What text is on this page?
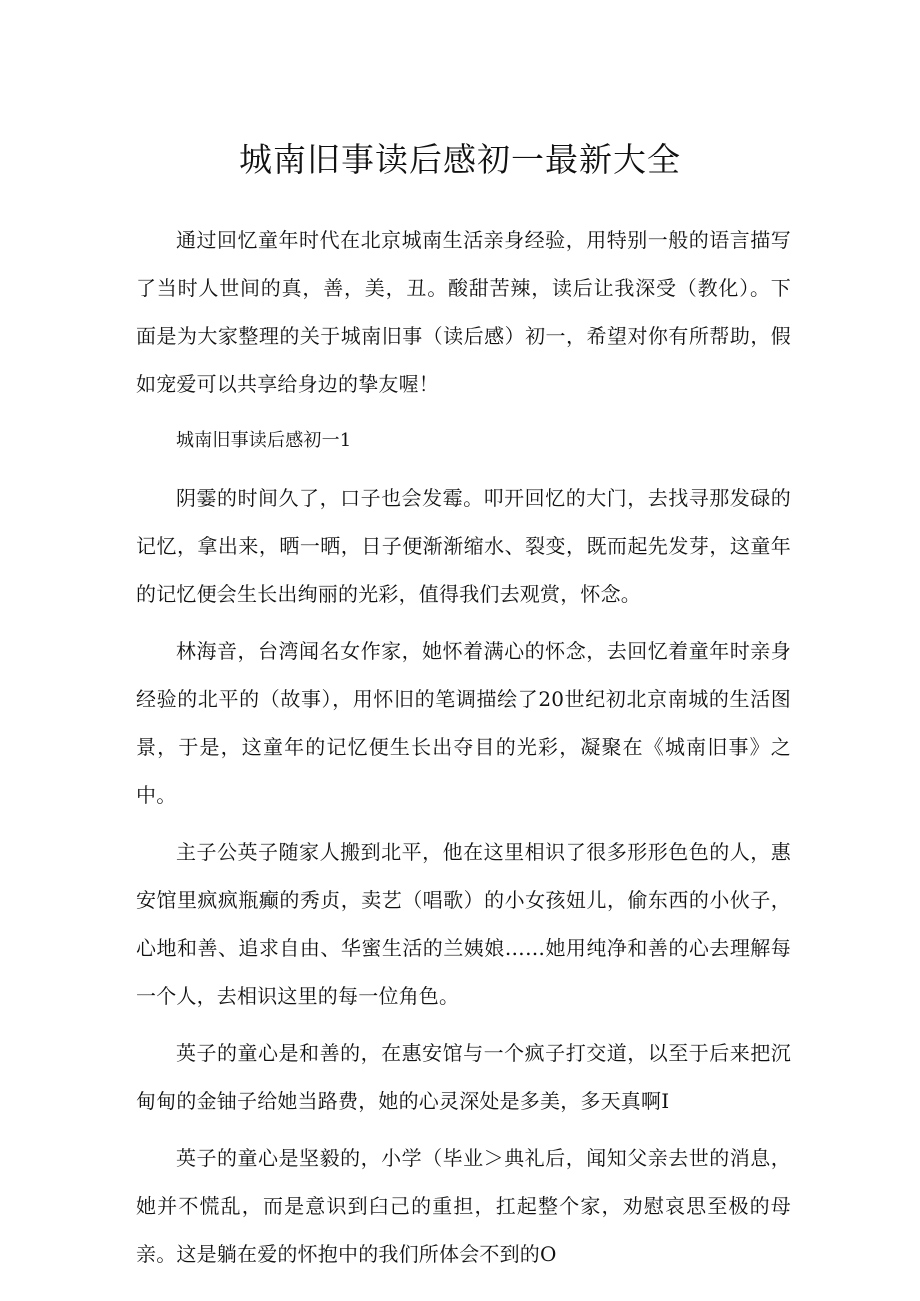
城南旧事读后感初一最新大全

通过回忆童年时代在北京城南生活亲身经验，用特别一般的语言描写了当时人世间的真，善，美，丑。酸甜苦辣，读后让我深受（教化）。下面是为大家整理的关于城南旧事（读后感）初一，希望对你有所帮助，假如宠爱可以共享给身边的挚友喔！

城南旧事读后感初一1

阴霎的时间久了，口子也会发霉。叩开回忆的大门，去找寻那发碌的记忆，拿出来，晒一晒，日子便渐渐缩水、裂变，既而起先发芽，这童年的记忆便会生长出绚丽的光彩，值得我们去观赏，怀念。

林海音，台湾闻名女作家，她怀着满心的怀念，去回忆着童年时亲身经验的北平的（故事），用怀旧的笔调描绘了20世纪初北京南城的生活图景，于是，这童年的记忆便生长出夺目的光彩，凝聚在《城南旧事》之中。

主子公英子随家人搬到北平，他在这里相识了很多形形色色的人，惠安馆里疯疯瓶癫的秀贞，卖艺（唱歌）的小女孩妞儿，偷东西的小伙子，心地和善、追求自由、华蜜生活的兰姨娘……她用纯净和善的心去理解每一个人，去相识这里的每一位角色。

英子的童心是和善的，在惠安馆与一个疯子打交道，以至于后来把沉甸甸的金铀子给她当路费，她的心灵深处是多美，多天真啊I

英子的童心是坚毅的，小学（毕业＞典礼后，闻知父亲去世的消息，她并不慌乱，而是意识到臼己的重担，扛起整个家，劝慰哀思至极的母亲。这是躺在爱的怀抱中的我们所体会不到的O
